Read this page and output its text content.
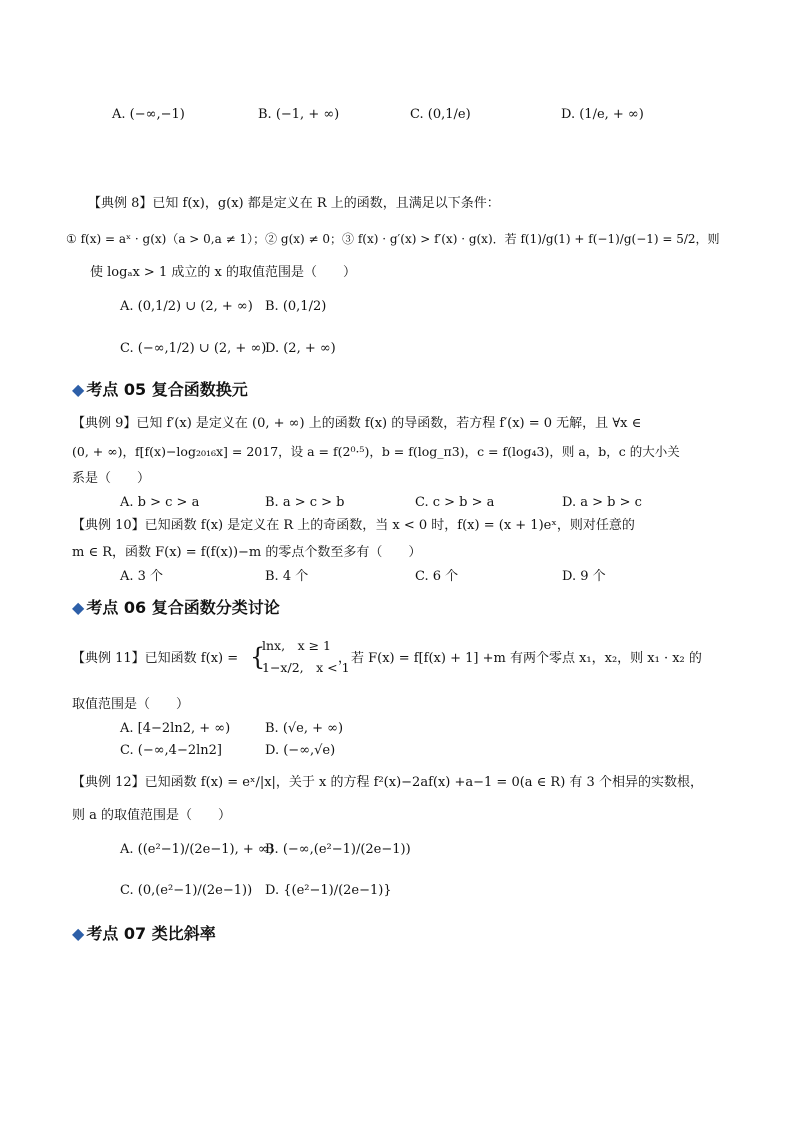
A. (−∞,−1)	B. (−1, + ∞)	C. (0,1/e)	D. (1/e, + ∞)
【典例 8】已知 f(x)，g(x) 都是定义在 R 上的函数，且满足以下条件：
① f(x) = aˣ · g(x)（a > 0,a ≠ 1）；② g(x) ≠ 0；③ f(x) · g′(x) > f′(x) · g(x)．若 f(1)/g(1) + f(−1)/g(−1) = 5/2，则
使 logₐx > 1 成立的 x 的取值范围是（　　）
A. (0,1/2) ∪ (2, + ∞) B. (0,1/2)
C. (−∞,1/2) ∪ (2, + ∞)
D. (2, + ∞)
◆ 考点 05 复合函数换元
【典例 9】已知 f′(x) 是定义在 (0, + ∞) 上的函数 f(x) 的导函数，若方程 f′(x) = 0 无解，且 ∀x ∈
(0, + ∞)，f[f(x)−log₂₀₁₆x] = 2017，设 a = f(2⁰·⁵)，b = f(log_π3)，c = f(log₄3)，则 a，b，c 的大小关
系是（　　）
A. b > c > a	B. a > c > b	C. c > b > a	D. a > b > c
【典例 10】已知函数 f(x) 是定义在 R 上的奇函数，当 x < 0 时，f(x) = (x + 1)eˣ，则对任意的
m ∈ R，函数 F(x) = f(f(x))−m 的零点个数至多有（　　）
A. 3 个	B. 4 个	C. 6 个	D. 9 个
◆ 考点 06 复合函数分类讨论
【典例 11】已知函数 f(x) = {
lnx,　x ≥ 1
1−x/2,　x < 1
，若 F(x) = f[f(x) + 1] +m 有两个零点 x₁，x₂，则 x₁ · x₂ 的
取值范围是（　　）
A. [4−2ln2, + ∞)	B. (√e, + ∞)
C. (−∞,4−2ln2]	D. (−∞,√e)
【典例 12】已知函数 f(x) = eˣ/|x|，关于 x 的方程 f²(x)−2af(x) +a−1 = 0(a ∈ R) 有 3 个相异的实数根，
则 a 的取值范围是（　　）
A. ((e²−1)/(2e−1), + ∞)
B. (−∞,(e²−1)/(2e−1))
C. (0,(e²−1)/(2e−1)) D. {(e²−1)/(2e−1)}
◆ 考点 07 类比斜率
